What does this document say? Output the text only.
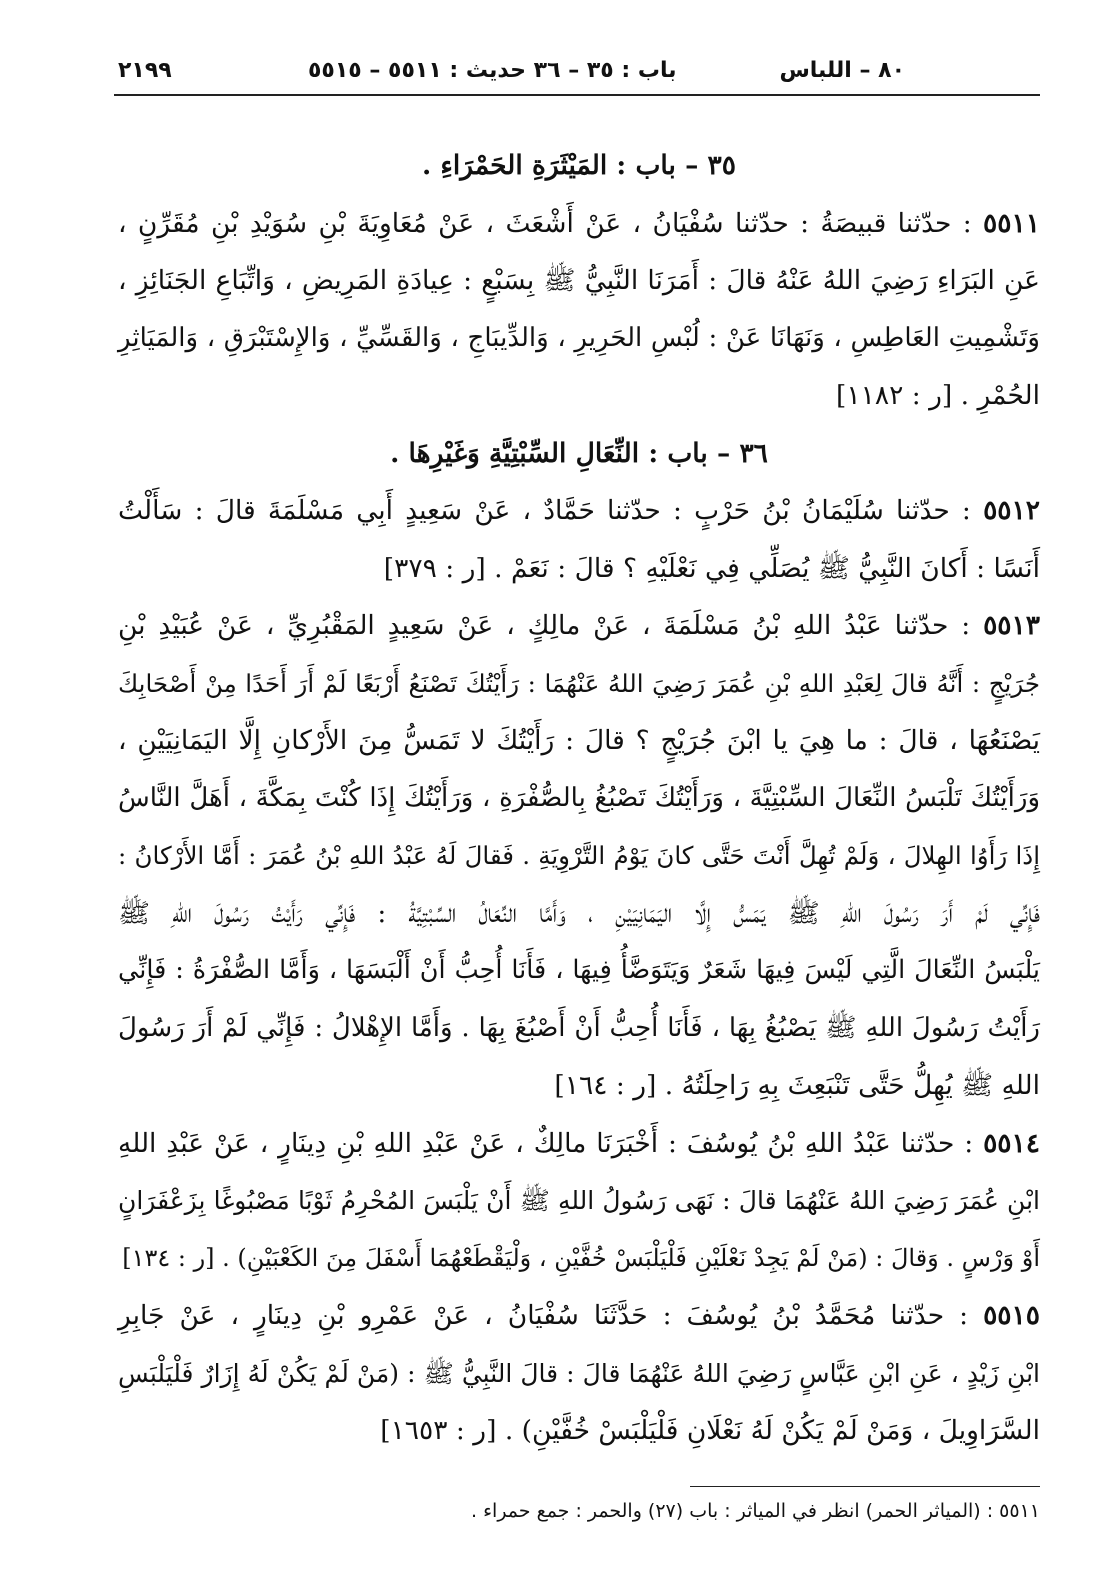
٢١٩٩	باب : ٣٥ – ٣٦ حديث : ٥٥١١ – ٥٥١٥	٨٠ – اللباس
٣٥ – باب : المَيْثَرَةِ الحَمْرَاءِ .
٥٥١١ : حدّثنا قبيصَةُ : حدّثنا سُفْيَانُ ، عَنْ أَشْعَثَ ، عَنْ مُعَاوِيَةَ بْنِ سُوَيْدِ بْنِ مُقَرِّنٍ ،
عَنِ البَرَاءِ رَضِيَ اللهُ عَنْهُ قالَ : أَمَرَنَا النَّبِيُّ ﷺ بِسَبْعٍ : عِيادَةِ المَرِيضِ ، وَاتِّبَاعِ الجَنَائِزِ ،
وَتَشْمِيتِ العَاطِسِ ، وَنَهَانَا عَنْ : لُبْسِ الحَرِيرِ ، وَالدِّيبَاجِ ، وَالقَسِّيِّ ، وَالإِسْتَبْرَقِ ، وَالمَيَاثِرِ
الحُمْرِ . [ر : ١١٨٢]
٣٦ – باب : النِّعَالِ السِّبْتِيَّةِ وَغَيْرِهَا .
٥٥١٢ : حدّثنا سُلَيْمَانُ بْنُ حَرْبٍ : حدّثنا حَمَّادٌ ، عَنْ سَعِيدٍ أَبِي مَسْلَمَةَ قالَ : سَأَلْتُ
أَنَسًا : أَكانَ النَّبِيُّ ﷺ يُصَلِّي فِي نَعْلَيْهِ ؟ قالَ : نَعَمْ . [ر : ٣٧٩]
٥٥١٣ : حدّثنا عَبْدُ اللهِ بْنُ مَسْلَمَةَ ، عَنْ مالِكٍ ، عَنْ سَعِيدٍ المَقْبُرِيِّ ، عَنْ عُبَيْدِ بْنِ
جُرَيْجٍ : أَنَّهُ قالَ لِعَبْدِ اللهِ بْنِ عُمَرَ رَضِيَ اللهُ عَنْهُمَا : رَأَيْتُكَ تَصْنَعُ أَرْبَعًا لَمْ أَرَ أَحَدًا مِنْ أَصْحَابِكَ
يَصْنَعُهَا ، قالَ : ما هِيَ يا ابْنَ جُرَيْجٍ ؟ قالَ : رَأَيْتُكَ لا تَمَسُّ مِنَ الأَرْكانِ إِلَّا اليَمَانِيَيْنِ ،
وَرَأَيْتُكَ تَلْبَسُ النِّعَالَ السِّبْتِيَّةَ ، وَرَأَيْتُكَ تَصْبُغُ بِالصُّفْرَةِ ، وَرَأَيْتُكَ إِذَا كُنْتَ بِمَكَّةَ ، أَهَلَّ النَّاسُ
إِذَا رَأَوُا الهِلالَ ، وَلَمْ تُهِلَّ أَنْتَ حَتَّى كانَ يَوْمُ التَّرْوِيَةِ . فَقالَ لَهُ عَبْدُ اللهِ بْنُ عُمَرَ : أَمَّا الأَرْكانُ :
فَإِنِّي لَمْ أَرَ رَسُولَ اللهِ ﷺ يَمَسُّ إِلَّا اليَمَانِيَيْنِ ، وَأَمَّا النِّعَالُ السِّبْتِيَّةُ : فَإِنِّي رَأَيْتُ رَسُولَ اللهِ ﷺ
يَلْبَسُ النِّعَالَ الَّتِي لَيْسَ فِيهَا شَعَرٌ وَيَتَوَضَّأُ فِيهَا ، فَأَنَا أُحِبُّ أَنْ أَلْبَسَهَا ، وَأَمَّا الصُّفْرَةُ : فَإِنِّي
رَأَيْتُ رَسُولَ اللهِ ﷺ يَصْبُغُ بِهَا ، فَأَنَا أُحِبُّ أَنْ أَصْبُغَ بِهَا . وَأَمَّا الإِهْلالُ : فَإِنِّي لَمْ أَرَ رَسُولَ
اللهِ ﷺ يُهِلُّ حَتَّى تَنْبَعِثَ بِهِ رَاحِلَتُهُ . [ر : ١٦٤]
٥٥١٤ : حدّثنا عَبْدُ اللهِ بْنُ يُوسُفَ : أَخْبَرَنَا مالِكٌ ، عَنْ عَبْدِ اللهِ بْنِ دِينَارٍ ، عَنْ عَبْدِ اللهِ
ابْنِ عُمَرَ رَضِيَ اللهُ عَنْهُمَا قالَ : نَهَى رَسُولُ اللهِ ﷺ أَنْ يَلْبَسَ المُحْرِمُ ثَوْبًا مَصْبُوغًا بِزَعْفَرَانٍ
أَوْ وَرْسٍ . وَقالَ : (مَنْ لَمْ يَجِدْ نَعْلَيْنِ فَلْيَلْبَسْ خُفَّيْنِ ، وَلْيَقْطَعْهُمَا أَسْفَلَ مِنَ الكَعْبَيْنِ) . [ر : ١٣٤]
٥٥١٥ : حدّثنا مُحَمَّدُ بْنُ يُوسُفَ : حَدَّثَنَا سُفْيَانُ ، عَنْ عَمْرِو بْنِ دِينَارٍ ، عَنْ جَابِرِ
ابْنِ زَيْدٍ ، عَنِ ابْنِ عَبَّاسٍ رَضِيَ اللهُ عَنْهُمَا قالَ : قالَ النَّبِيُّ ﷺ : (مَنْ لَمْ يَكُنْ لَهُ إِزَارٌ فَلْيَلْبَسِ
السَّرَاوِيلَ ، وَمَنْ لَمْ يَكُنْ لَهُ نَعْلَانِ فَلْيَلْبَسْ خُفَّيْنِ) . [ر : ١٦٥٣]
٥٥١١ : (المياثر الحمر) انظر في المياثر : باب (٢٧) والحمر : جمع حمراء .
